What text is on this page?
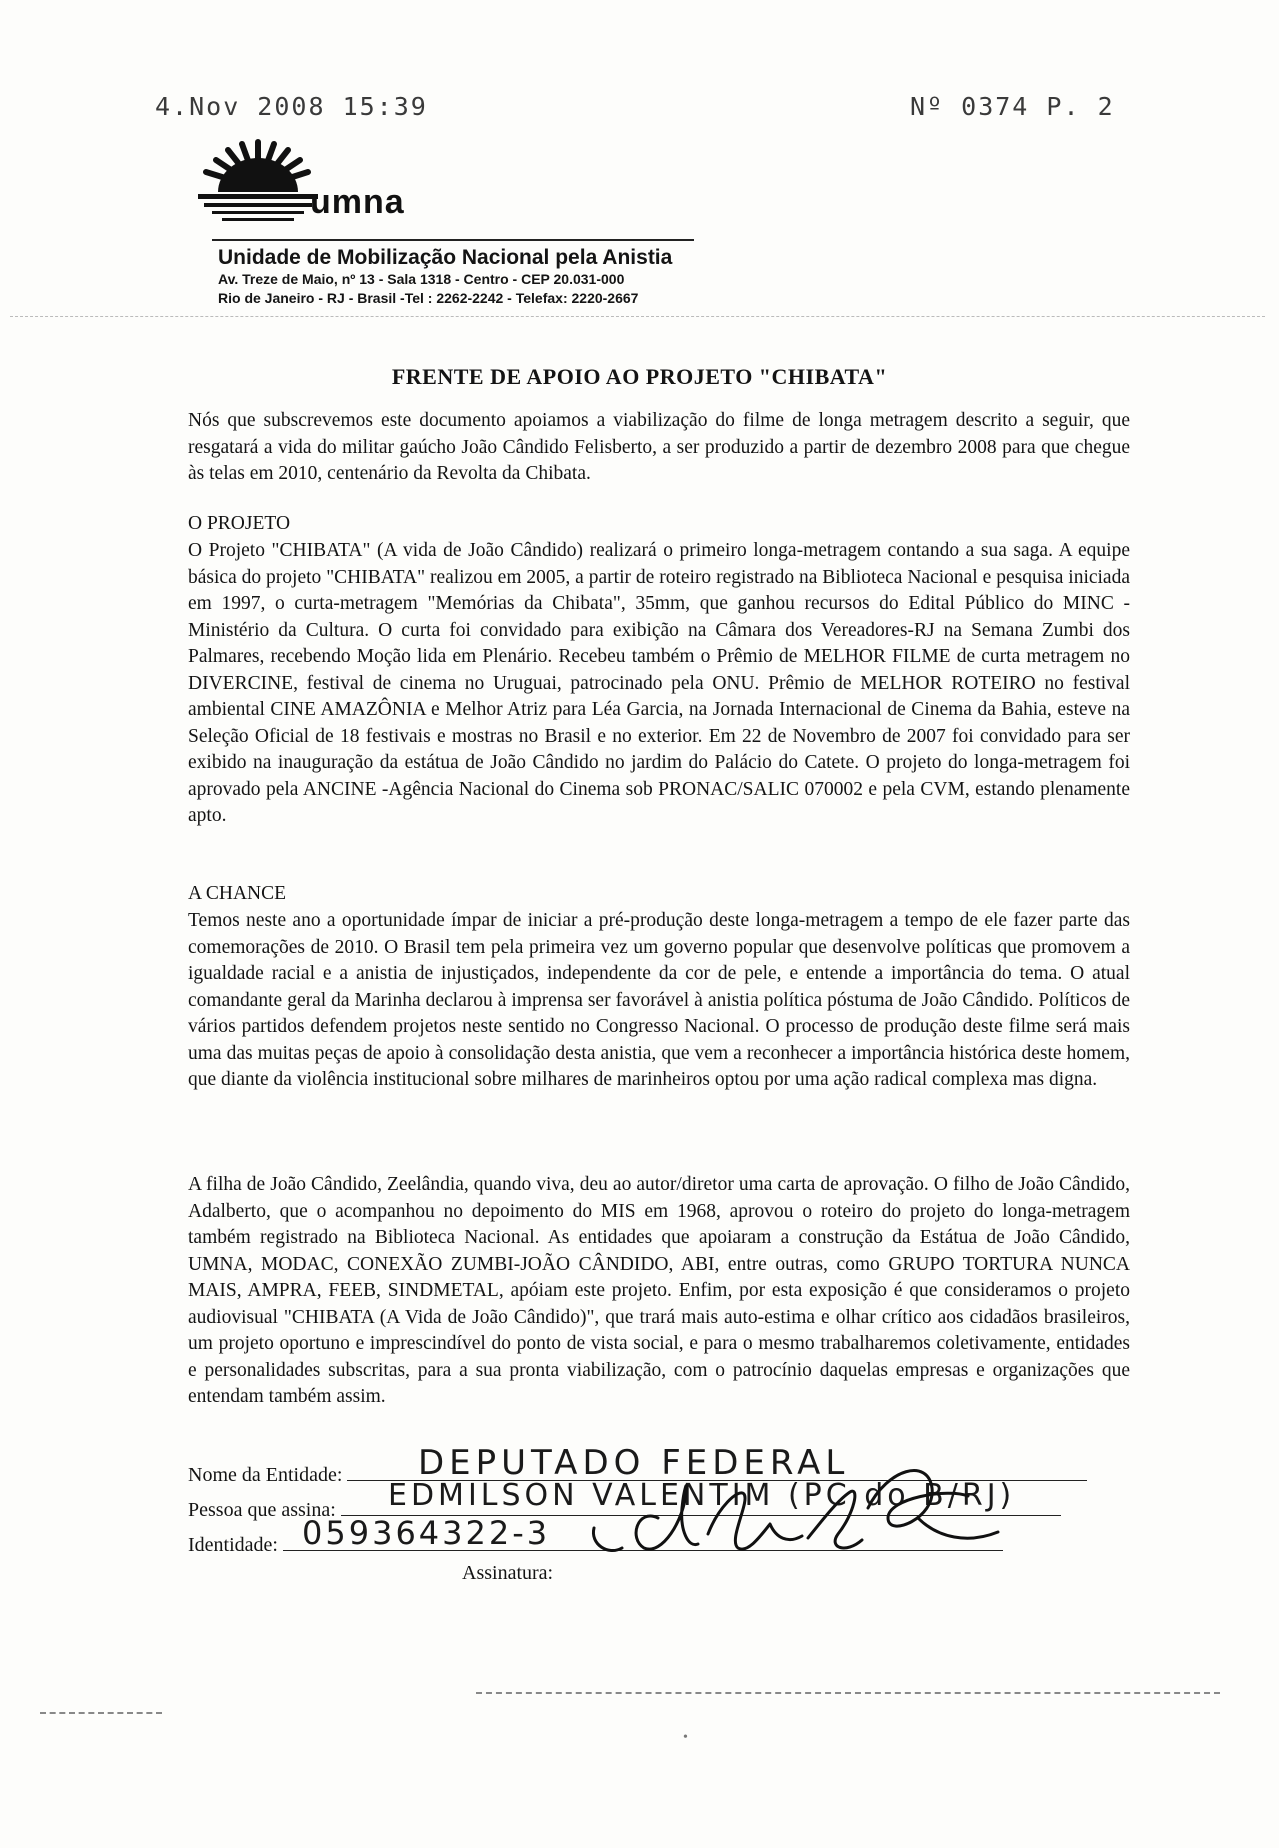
4.Nov 2008 15:39	Nº 0374 P. 2
umna
Unidade de Mobilização Nacional pela Anistia
Av. Treze de Maio, nº 13 - Sala 1318 - Centro - CEP 20.031-000
Rio de Janeiro - RJ - Brasil -Tel : 2262-2242 - Telefax: 2220-2667
FRENTE DE APOIO AO PROJETO "CHIBATA"
Nós que subscrevemos este documento apoiamos a viabilização do filme de longa metragem descrito a seguir, que resgatará a vida do militar gaúcho João Cândido Felisberto, a ser produzido a partir de dezembro 2008 para que chegue às telas em 2010, centenário da Revolta da Chibata.
O PROJETO
O Projeto "CHIBATA" (A vida de João Cândido) realizará o primeiro longa-metragem contando a sua saga. A equipe básica do projeto "CHIBATA" realizou em 2005, a partir de roteiro registrado na Biblioteca Nacional e pesquisa iniciada em 1997, o curta-metragem "Memórias da Chibata", 35mm, que ganhou recursos do Edital Público do MINC - Ministério da Cultura. O curta foi convidado para exibição na Câmara dos Vereadores-RJ na Semana Zumbi dos Palmares, recebendo Moção lida em Plenário. Recebeu também o Prêmio de MELHOR FILME de curta metragem no DIVERCINE, festival de cinema no Uruguai, patrocinado pela ONU. Prêmio de MELHOR ROTEIRO no festival ambiental CINE AMAZÔNIA e Melhor Atriz para Léa Garcia, na Jornada Internacional de Cinema da Bahia, esteve na Seleção Oficial de 18 festivais e mostras no Brasil e no exterior. Em 22 de Novembro de 2007 foi convidado para ser exibido na inauguração da estátua de João Cândido no jardim do Palácio do Catete. O projeto do longa-metragem foi aprovado pela ANCINE -Agência Nacional do Cinema sob PRONAC/SALIC 070002 e pela CVM, estando plenamente apto.
A CHANCE
Temos neste ano a oportunidade ímpar de iniciar a pré-produção deste longa-metragem a tempo de ele fazer parte das comemorações de 2010. O Brasil tem pela primeira vez um governo popular que desenvolve políticas que promovem a igualdade racial e a anistia de injustiçados, independente da cor de pele, e entende a importância do tema. O atual comandante geral da Marinha declarou à imprensa ser favorável à anistia política póstuma de João Cândido. Políticos de vários partidos defendem projetos neste sentido no Congresso Nacional. O processo de produção deste filme será mais uma das muitas peças de apoio à consolidação desta anistia, que vem a reconhecer a importância histórica deste homem, que diante da violência institucional sobre milhares de marinheiros optou por uma ação radical complexa mas digna.
A filha de João Cândido, Zeelândia, quando viva, deu ao autor/diretor uma carta de aprovação. O filho de João Cândido, Adalberto, que o acompanhou no depoimento do MIS em 1968, aprovou o roteiro do projeto do longa-metragem também registrado na Biblioteca Nacional. As entidades que apoiaram a construção da Estátua de João Cândido, UMNA, MODAC, CONEXÃO ZUMBI-JOÃO CÂNDIDO, ABI, entre outras, como GRUPO TORTURA NUNCA MAIS, AMPRA, FEEB, SINDMETAL, apóiam este projeto. Enfim, por esta exposição é que consideramos o projeto audiovisual "CHIBATA (A Vida de João Cândido)", que trará mais auto-estima e olhar crítico aos cidadãos brasileiros, um projeto oportuno e imprescindível do ponto de vista social, e para o mesmo trabalharemos coletivamente, entidades e personalidades subscritas, para a sua pronta viabilização, com o patrocínio daquelas empresas e organizações que entendam também assim.
Nome da Entidade:
Pessoa que assina:
Identidade:
Assinatura:
DEPUTADO FEDERAL
EDMILSON VALENTIM (PC do B/RJ)
059364322-3
•
